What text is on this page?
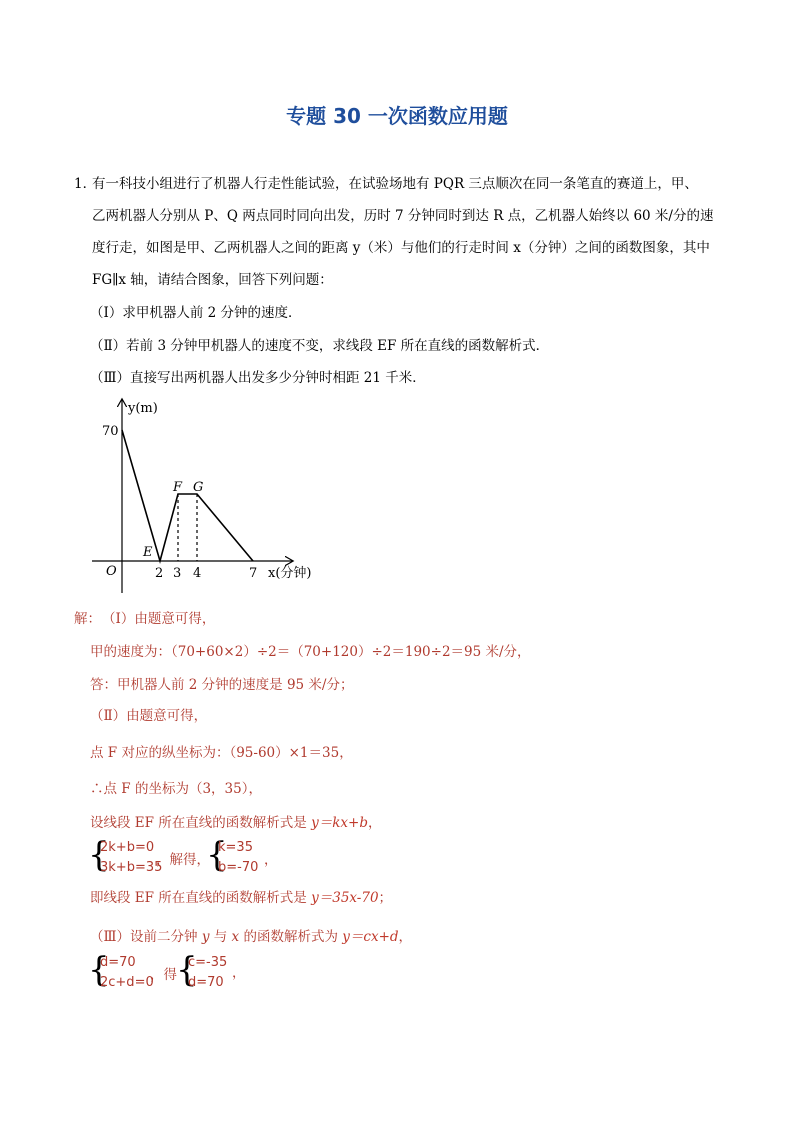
专题 30 一次函数应用题
1．
有一科技小组进行了机器人行走性能试验，在试验场地有 PQR 三点顺次在同一条笔直的赛道上，甲、
乙两机器人分别从 P、Q 两点同时同向出发，历时 7 分钟同时到达 R 点，乙机器人始终以 60 米/分的速
度行走，如图是甲、乙两机器人之间的距离 y（米）与他们的行走时间 x（分钟）之间的函数图象，其中
FG∥x 轴，请结合图象，回答下列问题：
（Ⅰ）求甲机器人前 2 分钟的速度．
（Ⅱ）若前 3 分钟甲机器人的速度不变，求线段 EF 所在直线的函数解析式．
（Ⅲ）直接写出两机器人出发多少分钟时相距 21 千米．
y(m)
70
O
E
F G
2 3 4	7 x(分钟)
解： （Ⅰ）由题意可得，
甲的速度为：（70+60×2）÷2＝（70+120）÷2＝190÷2＝95 米/分，
答：甲机器人前 2 分钟的速度是 95 米/分；
（Ⅱ）由题意可得，
点 F 对应的纵坐标为：（95-60）×1＝35，
∴点 F 的坐标为（3，35），
设线段 EF 所在直线的函数解析式是 y＝kx+b，
{
2k+b=0
3k+b=35
，解得，
{
k=35
b=-70 ，
即线段 EF 所在直线的函数解析式是 y＝35x-70；
（Ⅲ）设前二分钟 y 与 x 的函数解析式为 y＝cx+d，
{
d=70
2c+d=0
，得 {
c=-35
d=70
，
